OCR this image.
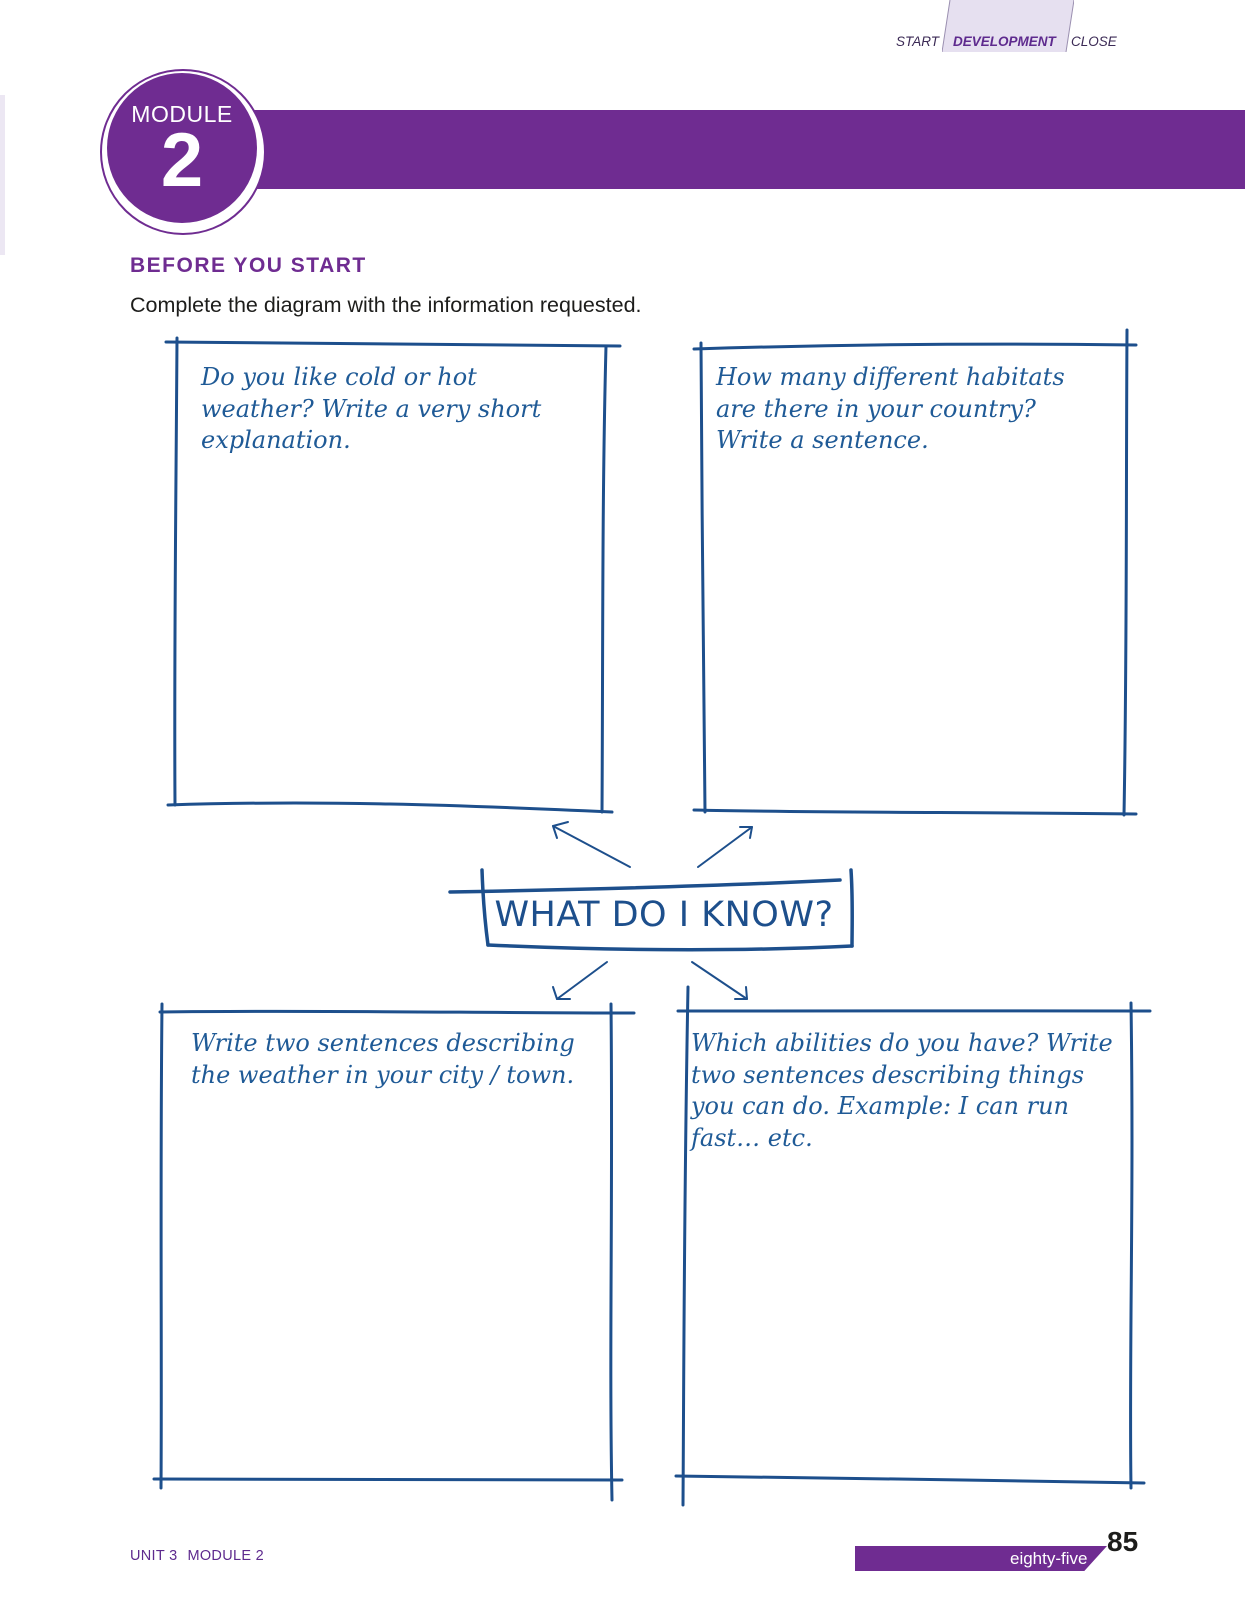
START DEVELOPMENT CLOSE
MODULE
2
BEFORE YOU START
Complete the diagram with the information requested.
Do you like cold or hot weather? Write a very short explanation.
How many different habitats are there in your country? Write a sentence.
Write two sentences describing the weather in your city / town.
Which abilities do you have? Write two sentences describing things you can do. Example: I can run fast… etc.
WHAT DO I KNOW?
UNIT 3 MODULE 2	eighty-five
85
